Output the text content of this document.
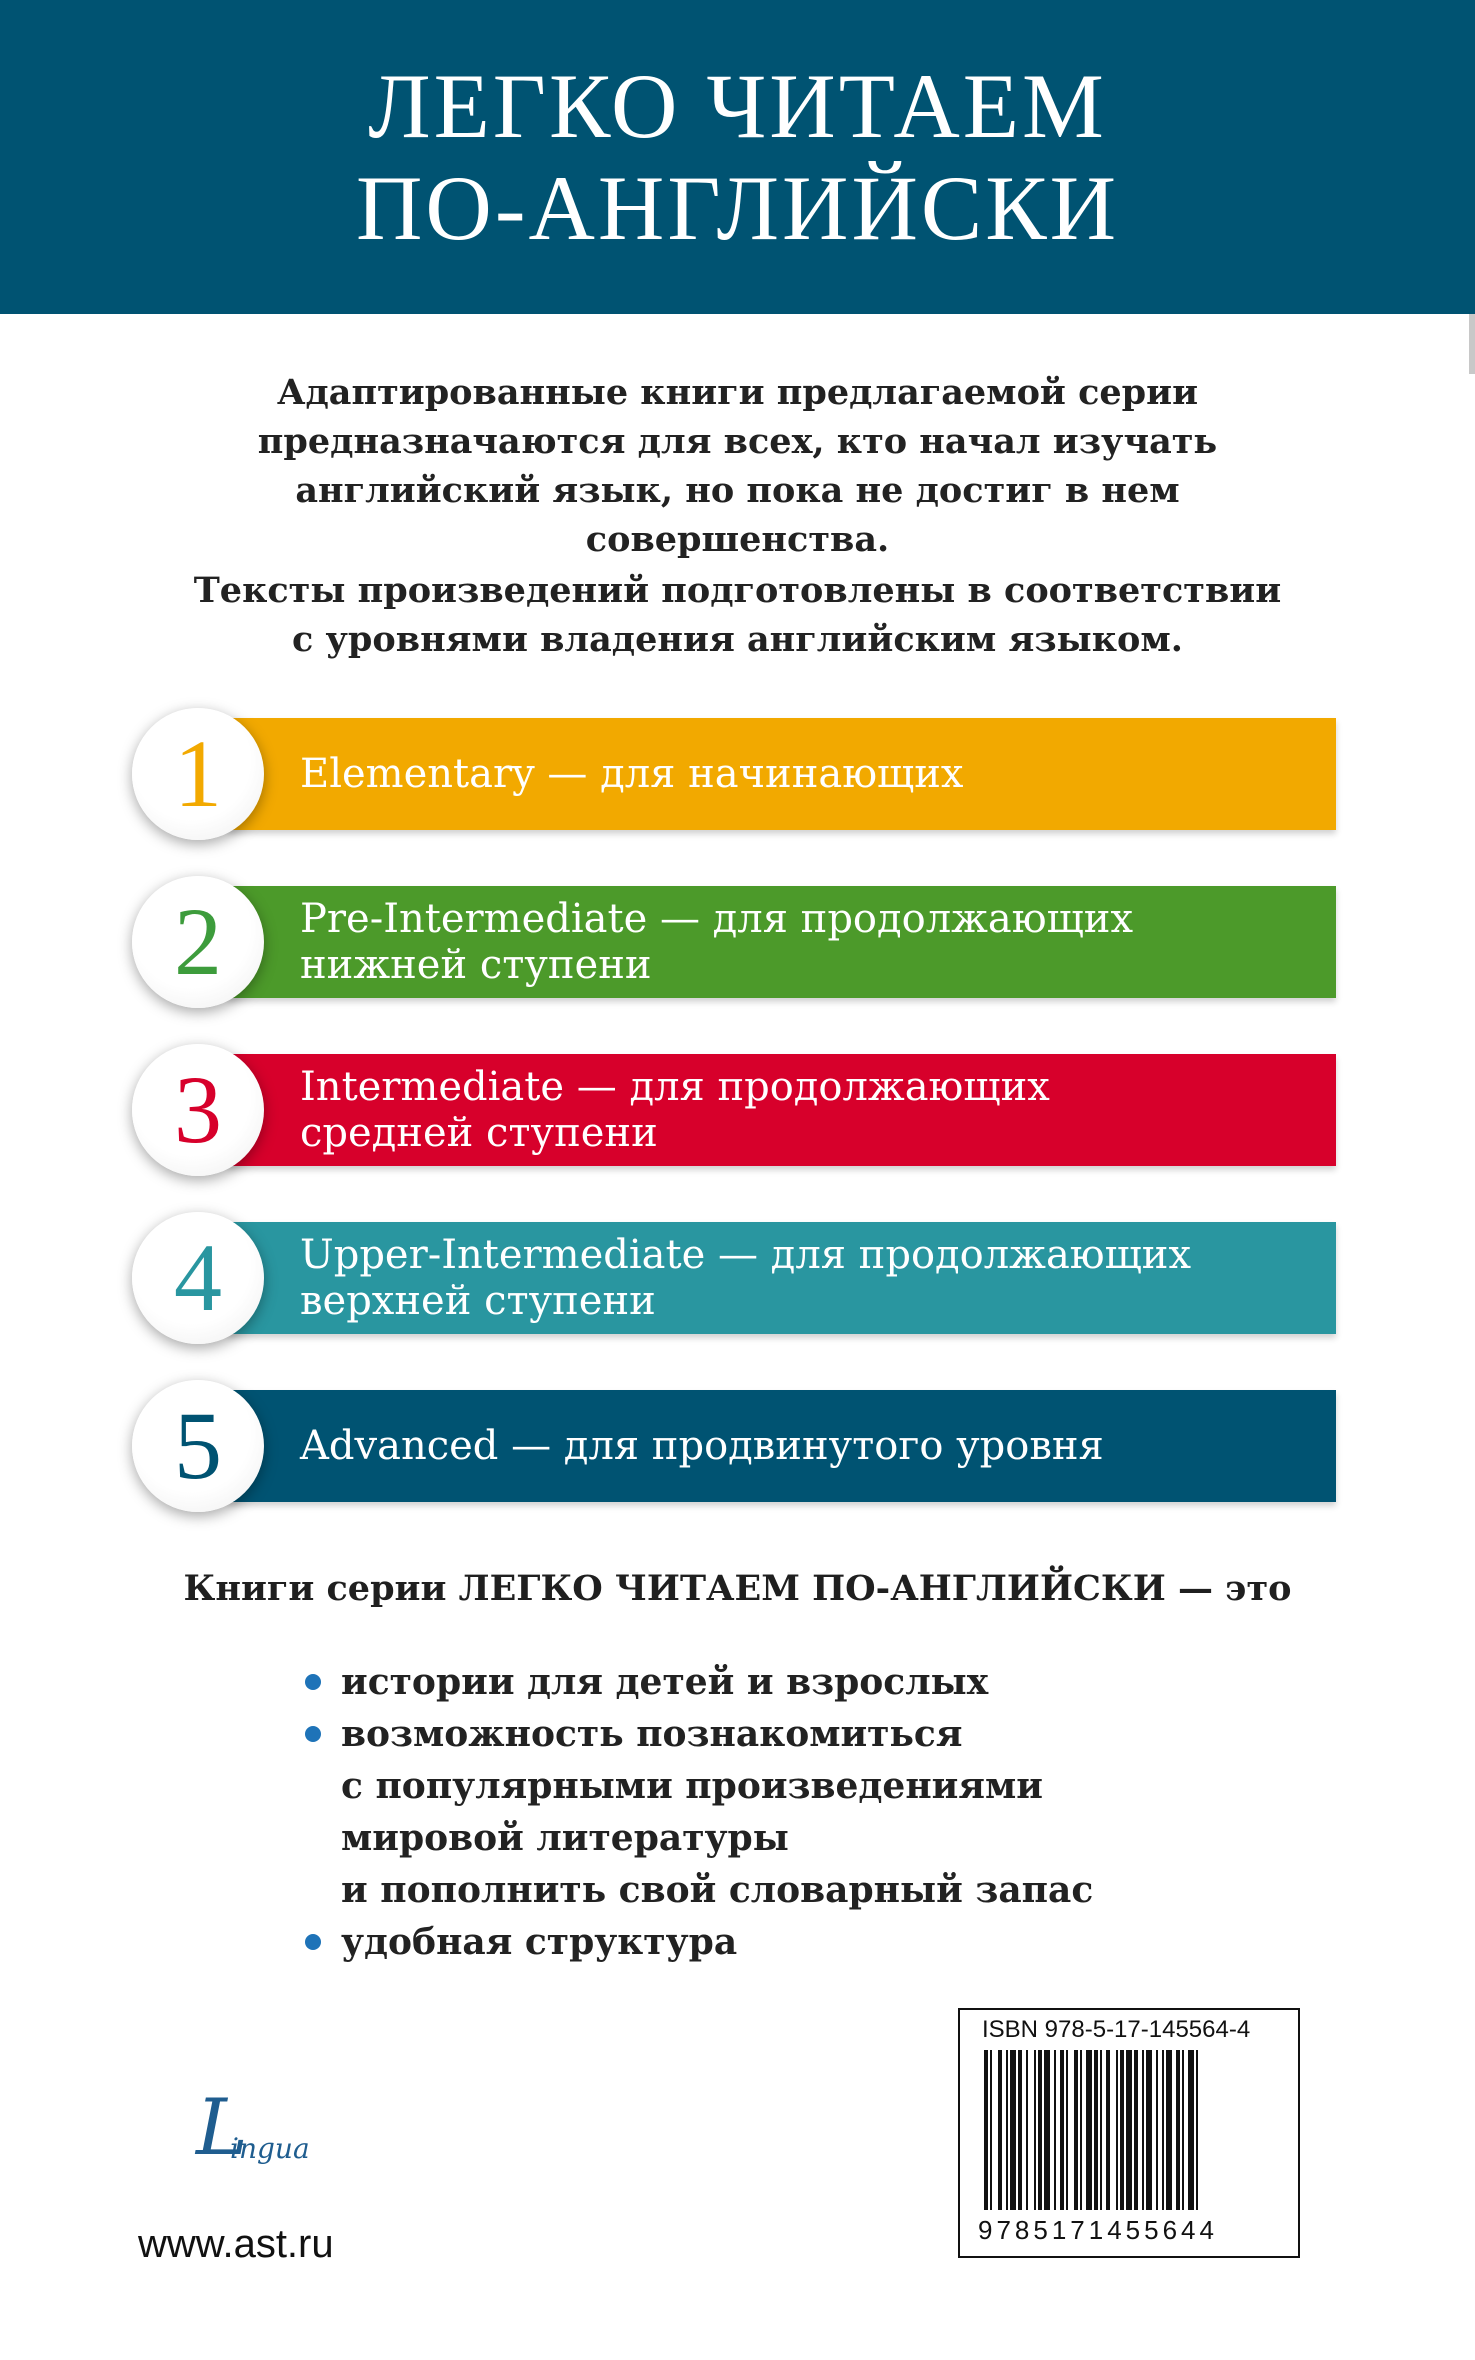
ЛЕГКО ЧИТАЕМ
ПО-АНГЛИЙСКИ

Адаптированные книги предлагаемой серии

предназначаются для всех, кто начал изучать

английский язык, но пока не достиг в нем

совершенства.

Тексты произведений подготовлены в соответствии

с уровнями владения английским языком.

Elementary — для начинающих
1
Pre-Intermediate — для продолжающих
нижней ступени
2
Intermediate — для продолжающих
средней ступени
3
Upper-Intermediate — для продолжающих
верхней ступени
4
Advanced — для продвинутого уровня
5
Книги серии ЛЕГКО ЧИТАЕМ ПО-АНГЛИЙСКИ — это
истории для детей и взрослых
возможность познакомиться
с популярными произведениями
мировой литературы
и пополнить свой словарный запас
удобная структура
L
ingua
www.ast.ru
ISBN 978-5-17-145564-4
9785171455644
